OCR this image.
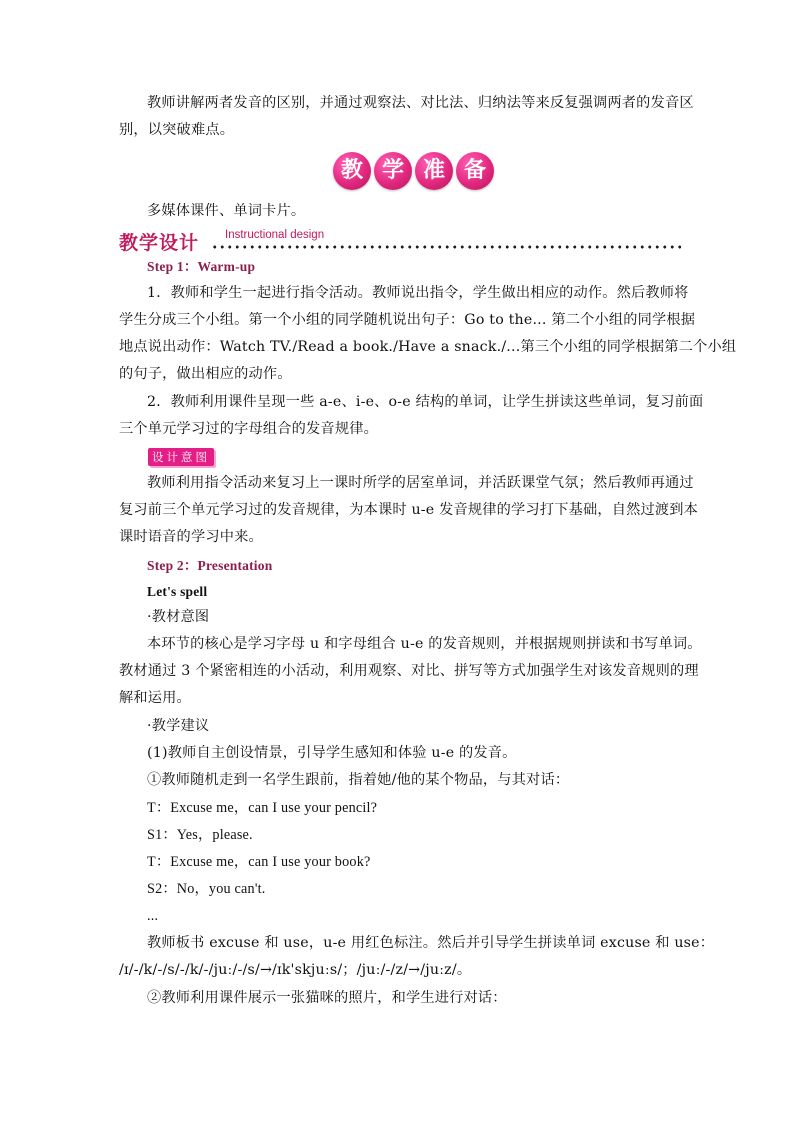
教师讲解两者发音的区别，并通过观察法、对比法、归纳法等来反复强调两者的发音区
别，以突破难点。
教 学 准 备
多媒体课件、单词卡片。
教学设计 Instructional design
Step 1：Warm-up
1．教师和学生一起进行指令活动。教师说出指令，学生做出相应的动作。然后教师将
学生分成三个小组。第一个小组的同学随机说出句子：Go to the... 第二个小组的同学根据
地点说出动作：Watch TV./Read a book./Have a snack./...第三个小组的同学根据第二个小组
的句子，做出相应的动作。
2．教师利用课件呈现一些 a-e、i-e、o-e 结构的单词，让学生拼读这些单词，复习前面
三个单元学习过的字母组合的发音规律。
设计意图
教师利用指令活动来复习上一课时所学的居室单词，并活跃课堂气氛；然后教师再通过
复习前三个单元学习过的发音规律，为本课时 u-e 发音规律的学习打下基础，自然过渡到本
课时语音的学习中来。
Step 2：Presentation
Let's spell
·教材意图
本环节的核心是学习字母 u 和字母组合 u-e 的发音规则，并根据规则拼读和书写单词。
教材通过 3 个紧密相连的小活动，利用观察、对比、拼写等方式加强学生对该发音规则的理
解和运用。
·教学建议
(1)教师自主创设情景，引导学生感知和体验 u-e 的发音。
①教师随机走到一名学生跟前，指着她/他的某个物品，与其对话：
T：Excuse me，can I use your pencil?
S1：Yes，please.
T：Excuse me，can I use your book?
S2：No，you can't.
...
教师板书 excuse 和 use，u-e 用红色标注。然后并引导学生拼读单词 excuse 和 use：
/ɪ/-/k/-/s/-/k/-/juː/-/s/→/ɪk'skjuːs/；/juː/-/z/→/juːz/。
②教师利用课件展示一张猫咪的照片，和学生进行对话：
